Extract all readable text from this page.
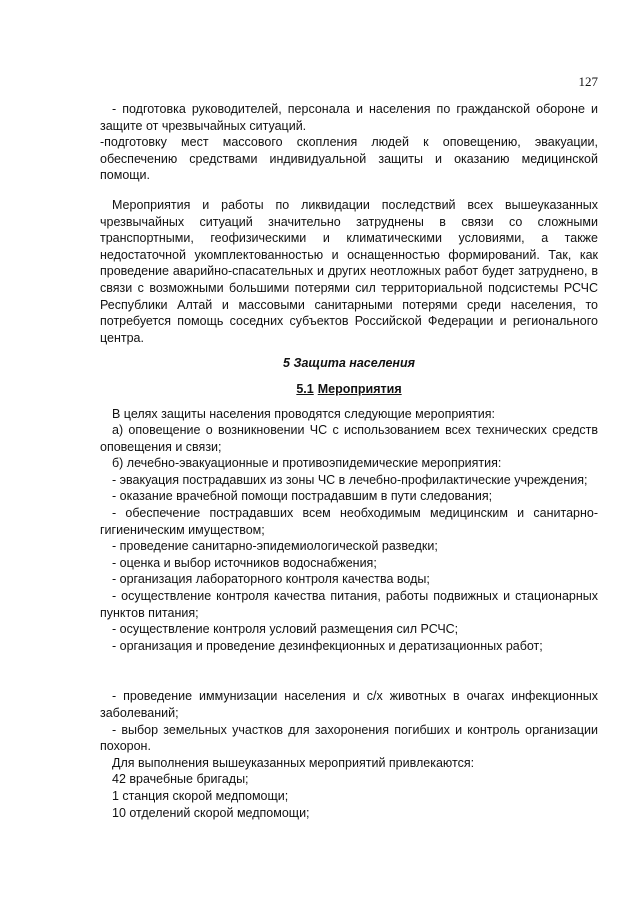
127

- подготовка руководителей, персонала и населения по гражданской обороне и защите от чрезвычайных ситуаций.

-подготовку мест массового скопления людей к оповещению, эвакуации, обеспечению средствами индивидуальной защиты и оказанию медицинской помощи.

Мероприятия и работы по ликвидации последствий всех вышеуказанных чрезвычайных ситуаций значительно затруднены в связи со сложными транспортными, геофизическими и климатическими условиями, а также недостаточной укомплектованностью и оснащенностью формирований. Так, как проведение аварийно-спасательных и других неотложных работ будет затруднено, в связи с возможными большими потерями сил территориальной подсистемы РСЧС Республики Алтай и массовыми санитарными потерями среди населения, то потребуется помощь соседних субъектов Российской Федерации и регионального центра.

5 Защита населения

5.1 Мероприятия

В целях защиты населения проводятся следующие мероприятия:

а) оповещение о возникновении ЧС с использованием всех технических средств оповещения и связи;

б) лечебно-эвакуационные и противоэпидемические мероприятия:

- эвакуация пострадавших из зоны ЧС в лечебно-профилактические учреждения;

- оказание врачебной помощи пострадавшим в пути следования;

- обеспечение пострадавших всем необходимым медицинским и санитарно-гигиеническим имуществом;

- проведение санитарно-эпидемиологической разведки;

- оценка и выбор источников водоснабжения;

- организация лабораторного контроля качества воды;

- осуществление контроля качества питания, работы подвижных и стационарных пунктов питания;

- осуществление контроля условий размещения сил РСЧС;

- организация и проведение дезинфекционных и дератизационных работ;

- проведение иммунизации населения и с/х животных в очагах инфекционных заболеваний;

- выбор земельных участков для захоронения погибших и контроль организации похорон.

Для выполнения вышеуказанных мероприятий привлекаются:

42 врачебные бригады;

1 станция скорой медпомощи;

10 отделений скорой медпомощи;
